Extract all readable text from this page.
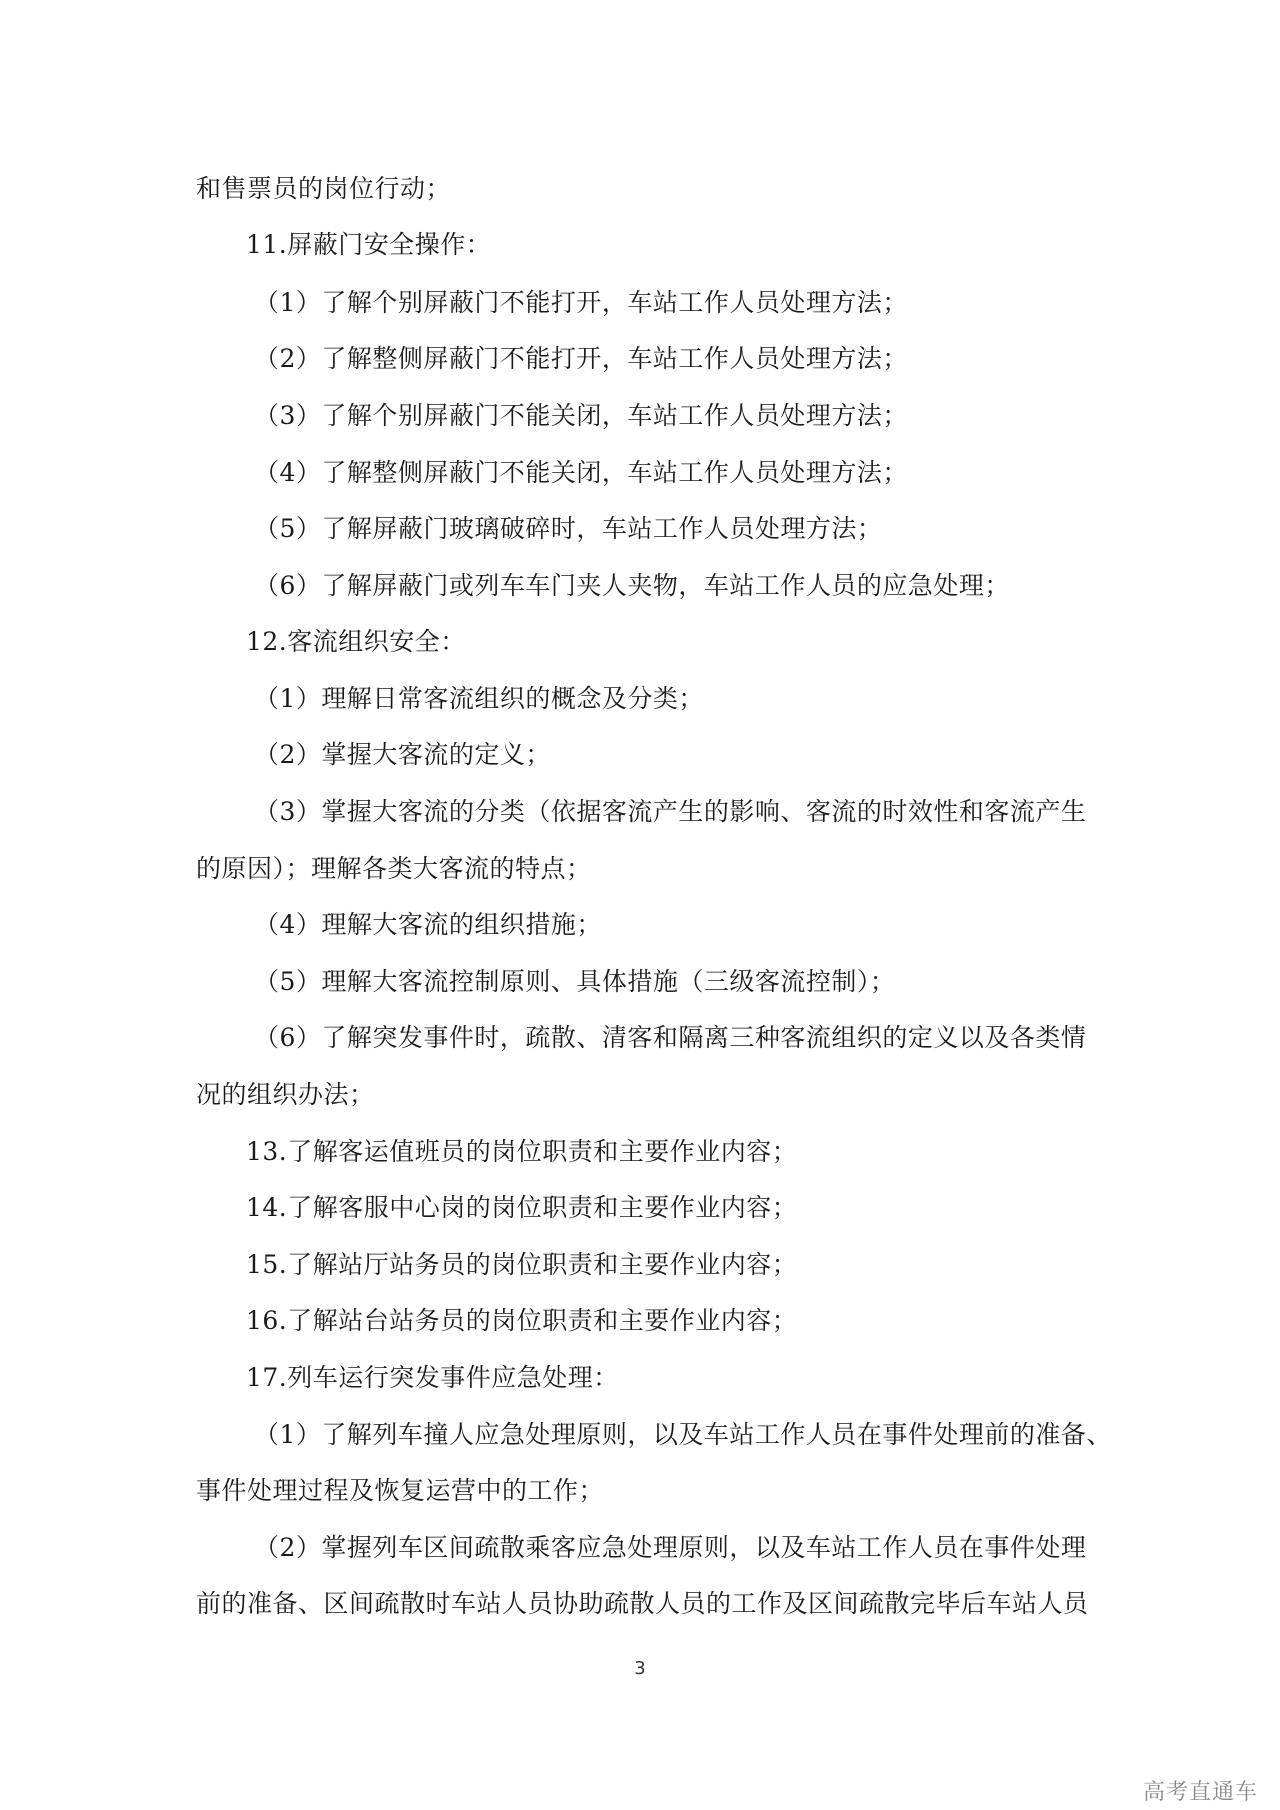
和售票员的岗位行动；
11.屏蔽门安全操作：
（1）了解个别屏蔽门不能打开，车站工作人员处理方法；
（2）了解整侧屏蔽门不能打开，车站工作人员处理方法；
（3）了解个别屏蔽门不能关闭，车站工作人员处理方法；
（4）了解整侧屏蔽门不能关闭，车站工作人员处理方法；
（5）了解屏蔽门玻璃破碎时，车站工作人员处理方法；
（6）了解屏蔽门或列车车门夹人夹物，车站工作人员的应急处理；
12.客流组织安全：
（1）理解日常客流组织的概念及分类；
（2）掌握大客流的定义；
（3）掌握大客流的分类（依据客流产生的影响、客流的时效性和客流产生
的原因）；理解各类大客流的特点；
（4）理解大客流的组织措施；
（5）理解大客流控制原则、具体措施（三级客流控制）；
（6）了解突发事件时，疏散、清客和隔离三种客流组织的定义以及各类情
况的组织办法；
13.了解客运值班员的岗位职责和主要作业内容；
14.了解客服中心岗的岗位职责和主要作业内容；
15.了解站厅站务员的岗位职责和主要作业内容；
16.了解站台站务员的岗位职责和主要作业内容；
17.列车运行突发事件应急处理：
（1）了解列车撞人应急处理原则，以及车站工作人员在事件处理前的准备、
事件处理过程及恢复运营中的工作；
（2）掌握列车区间疏散乘客应急处理原则，以及车站工作人员在事件处理
前的准备、区间疏散时车站人员协助疏散人员的工作及区间疏散完毕后车站人员
3
高考直通车
